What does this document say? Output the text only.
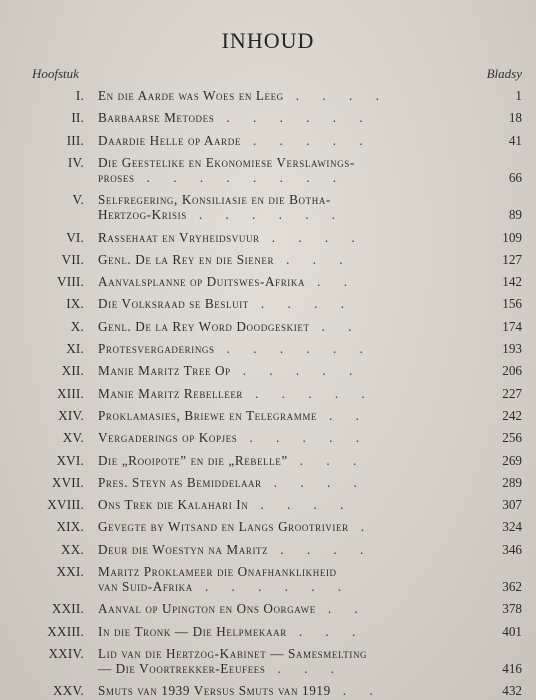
INHOUD
Hoofstuk	Bladsy
I. En die Aarde was Woes en Leeg . . . .	1
II. Barbaarse Metodes . . . . . .	18
III. Daardie Helle op Aarde . . . . .	41
IV. Die Geestelike en Ekonomiese Verslawings-
proses . . . . . . . .	66
V. Selfregering, Konsiliasie en die Botha-
Hertzog-Krisis . . . . . .	89
VI. Rassehaat en Vryheidsvuur . . . .	109
VII. Genl. De la Rey en die Siener . . .	127
VIII. Aanvalsplanne op Duitswes-Afrika . .	142
IX. Die Volksraad se Besluit . . . .	156
X. Genl. De la Rey Word Doodgeskiet . .	174
XI. Protesvergaderings . . . . . .	193
XII. Manie Maritz Tree Op . . . . .	206
XIII. Manie Maritz Rebelleer . . . . .	227
XIV. Proklamasies, Briewe en Telegramme . .	242
XV. Vergaderings op Kopjes . . . . .	256
XVI. Die „Rooipote” en die „Rebelle” . . .	269
XVII. Pres. Steyn as Bemiddelaar . . . .	289
XVIII. Ons Trek die Kalahari In . . . .	307
XIX. Gevegte by Witsand en Langs Grootrivier .	324
XX. Deur die Woestyn na Maritz . . . .	346
XXI. Maritz Proklameer die Onafhanklikheid
van Suid-Afrika . . . . . .	362
XXII. Aanval op Upington en Ons Oorgawe . .	378
XXIII. In die Tronk — Die Helpmekaar . . .	401
XXIV. Lid van die Hertzog-Kabinet — Samesmelting
— Die Voortrekker-Eeufees . . .	416
XXV. Smuts van 1939 Versus Smuts van 1919 . .	432
